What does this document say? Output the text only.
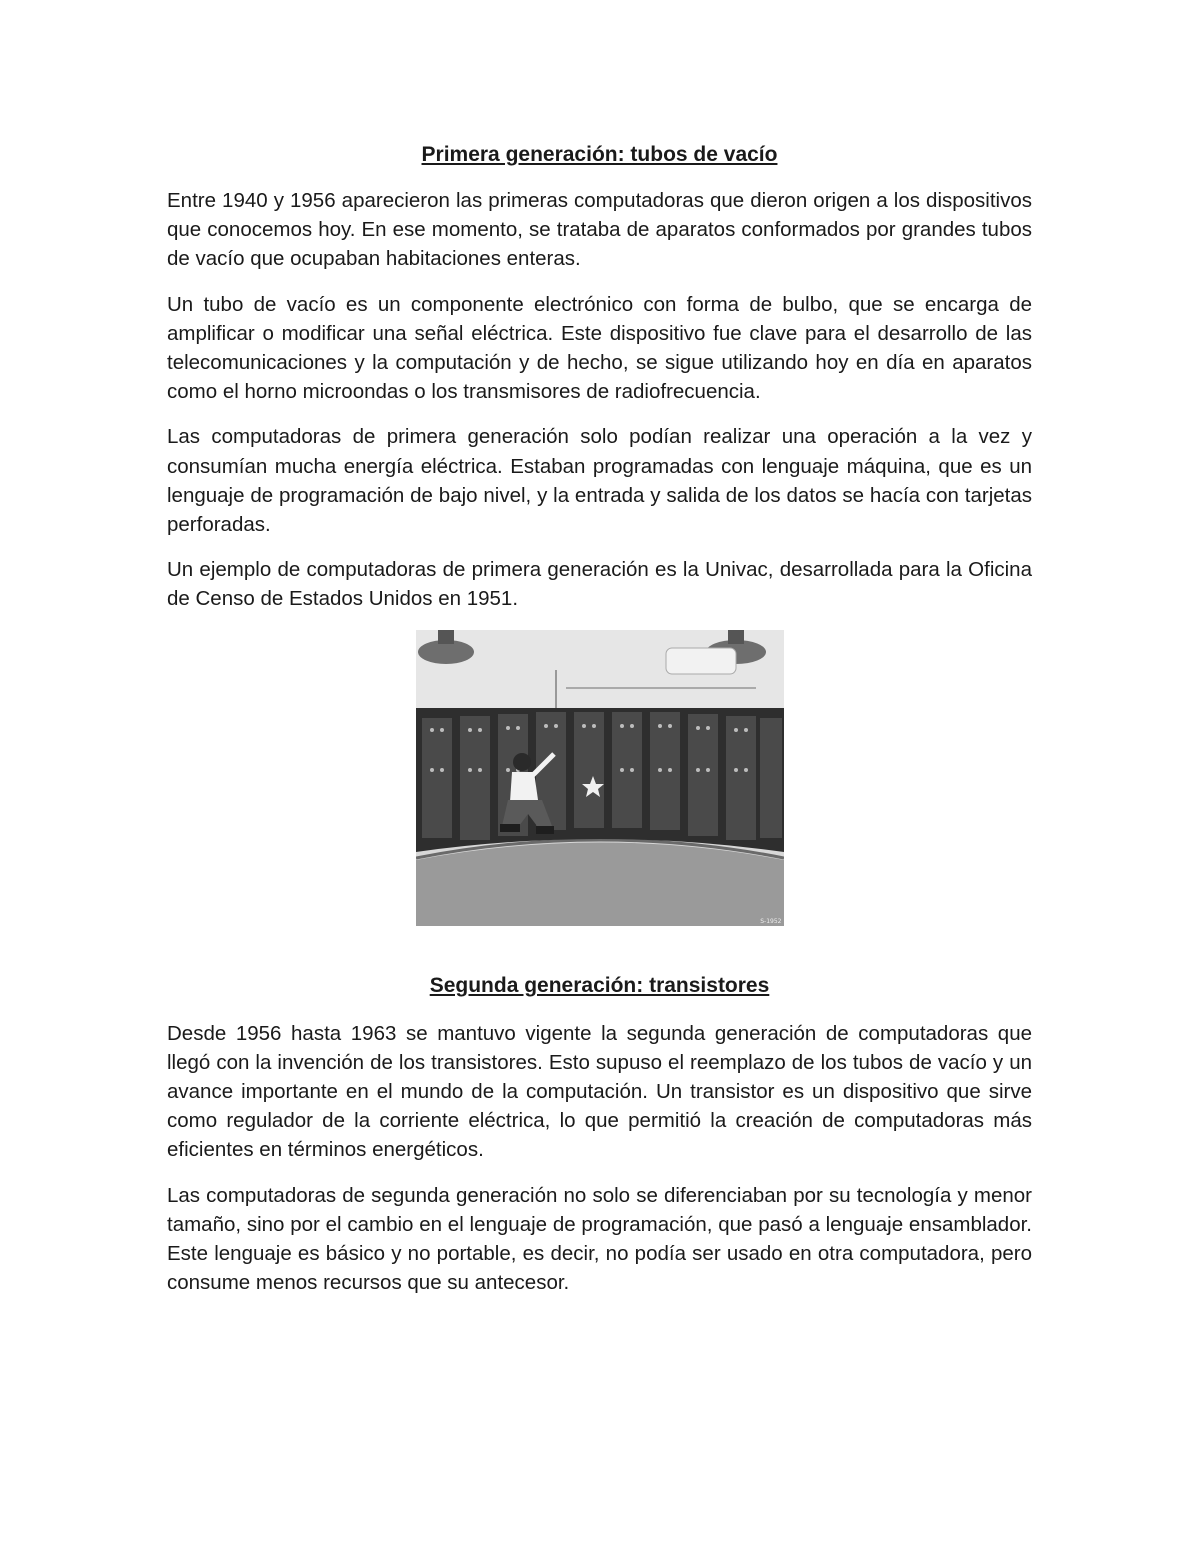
Primera generación: tubos de vacío

Entre 1940 y 1956 aparecieron las primeras computadoras que dieron origen a los dispositivos que conocemos hoy. En ese momento, se trataba de aparatos conformados por grandes tubos de vacío que ocupaban habitaciones enteras.

Un tubo de vacío es un componente electrónico con forma de bulbo, que se encarga de amplificar o modificar una señal eléctrica. Este dispositivo fue clave para el desarrollo de las telecomunicaciones y la computación y de hecho, se sigue utilizando hoy en día en aparatos como el horno microondas o los transmisores de radiofrecuencia.

Las computadoras de primera generación solo podían realizar una operación a la vez y consumían mucha energía eléctrica. Estaban programadas con lenguaje máquina, que es un lenguaje de programación de bajo nivel, y la entrada y salida de los datos se hacía con tarjetas perforadas.

Un ejemplo de computadoras de primera generación es la Univac, desarrollada para la Oficina de Censo de Estados Unidos en 1951.

S-1952
Segunda generación: transistores

Desde 1956 hasta 1963 se mantuvo vigente la segunda generación de computadoras que llegó con la invención de los transistores. Esto supuso el reemplazo de los tubos de vacío y un avance importante en el mundo de la computación. Un transistor es un dispositivo que sirve como regulador de la corriente eléctrica, lo que permitió la creación de computadoras más eficientes en términos energéticos.

Las computadoras de segunda generación no solo se diferenciaban por su tecnología y menor tamaño, sino por el cambio en el lenguaje de programación, que pasó a lenguaje ensamblador. Este lenguaje es básico y no portable, es decir, no podía ser usado en otra computadora, pero consume menos recursos que su antecesor.
